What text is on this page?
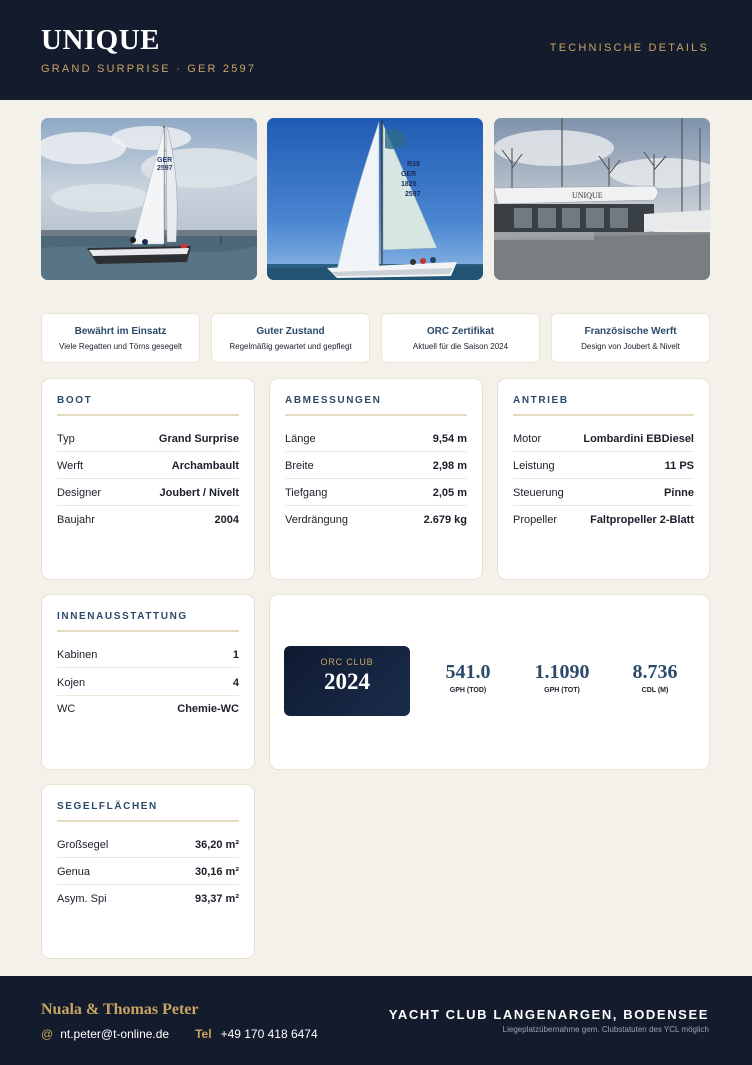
UNIQUE
GRAND SURPRISE · GER 2597
TECHNISCHE DETAILS
GER
2597
R38
GER
1825
2597	UNIQUE
Bewährt im Einsatz
Viele Regatten und Törns gesegelt
Guter Zustand
Regelmäßig gewartet und gepflegt
ORC Zertifikat
Aktuell für die Saison 2024
Französische Werft
Design von Joubert & Nivelt
BOOT
Typ	Grand Surprise
Werft	Archambault
Designer	Joubert / Nivelt
Baujahr	2004
ABMESSUNGEN
Länge	9,54 m
Breite	2,98 m
Tiefgang	2,05 m
Verdrängung	2.679 kg
ANTRIEB
Motor	Lombardini EBDiesel
Leistung	11 PS
Steuerung	Pinne
Propeller	Faltpropeller 2-Blatt
INNENAUSSTATTUNG
Kabinen	1
Kojen	4
WC	Chemie-WC
ORC CLUB
2024	541.0
GPH (TOD)
1.1090
GPH (TOT)
8.736
CDL (M)
SEGELFLÄCHEN
Großsegel	36,20 m²
Genua	30,16 m²
Asym. Spi	93,37 m²
Nuala & Thomas Peter
@ nt.peter@t-online.de Tel +49 170 418 6474
YACHT CLUB LANGENARGEN, BODENSEE
Liegeplatzübernahme gem. Clubstatuten des YCL möglich
